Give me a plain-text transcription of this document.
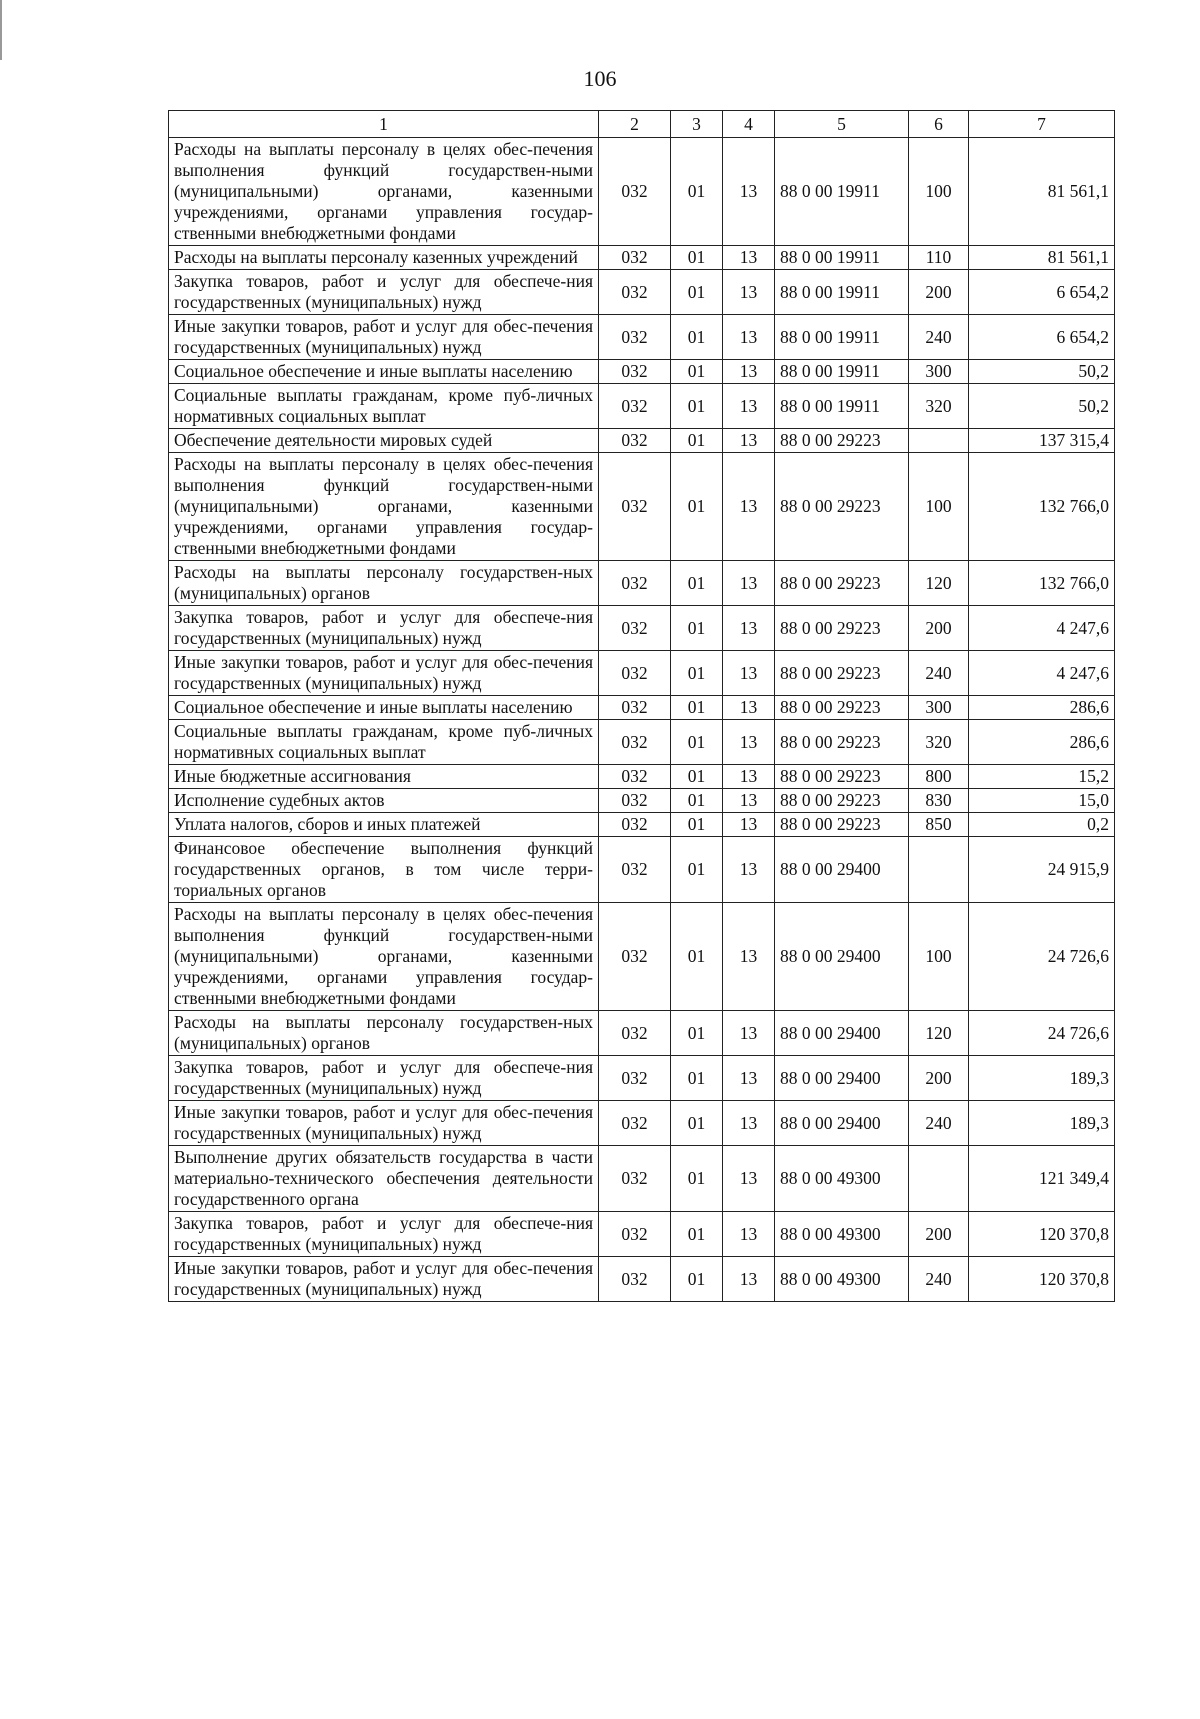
106
1	2	3	4	5	6	7
Расходы на выплаты персоналу в целях обес-печения выполнения функций государствен-ными (муниципальными) органами, казенными учреждениями, органами управления государ-ственными внебюджетными фондами	032	01	13	88 0 00 19911	100	81 561,1
Расходы на выплаты персоналу казенных учреждений	032	01	13	88 0 00 19911	110	81 561,1
Закупка товаров, работ и услуг для обеспече-ния государственных (муниципальных) нужд	032	01	13	88 0 00 19911	200	6 654,2
Иные закупки товаров, работ и услуг для обес-печения государственных (муниципальных) нужд	032	01	13	88 0 00 19911	240	6 654,2
Социальное обеспечение и иные выплаты населению	032	01	13	88 0 00 19911	300	50,2
Социальные выплаты гражданам, кроме пуб-личных нормативных социальных выплат	032	01	13	88 0 00 19911	320	50,2
Обеспечение деятельности мировых судей	032	01	13	88 0 00 29223		137 315,4
Расходы на выплаты персоналу в целях обес-печения выполнения функций государствен-ными (муниципальными) органами, казенными учреждениями, органами управления государ-ственными внебюджетными фондами	032	01	13	88 0 00 29223	100	132 766,0
Расходы на выплаты персоналу государствен-ных (муниципальных) органов	032	01	13	88 0 00 29223	120	132 766,0
Закупка товаров, работ и услуг для обеспече-ния государственных (муниципальных) нужд	032	01	13	88 0 00 29223	200	4 247,6
Иные закупки товаров, работ и услуг для обес-печения государственных (муниципальных) нужд	032	01	13	88 0 00 29223	240	4 247,6
Социальное обеспечение и иные выплаты населению	032	01	13	88 0 00 29223	300	286,6
Социальные выплаты гражданам, кроме пуб-личных нормативных социальных выплат	032	01	13	88 0 00 29223	320	286,6
Иные бюджетные ассигнования	032	01	13	88 0 00 29223	800	15,2
Исполнение судебных актов	032	01	13	88 0 00 29223	830	15,0
Уплата налогов, сборов и иных платежей	032	01	13	88 0 00 29223	850	0,2
Финансовое обеспечение выполнения функций государственных органов, в том числе терри-ториальных органов	032	01	13	88 0 00 29400		24 915,9
Расходы на выплаты персоналу в целях обес-печения выполнения функций государствен-ными (муниципальными) органами, казенными учреждениями, органами управления государ-ственными внебюджетными фондами	032	01	13	88 0 00 29400	100	24 726,6
Расходы на выплаты персоналу государствен-ных (муниципальных) органов	032	01	13	88 0 00 29400	120	24 726,6
Закупка товаров, работ и услуг для обеспече-ния государственных (муниципальных) нужд	032	01	13	88 0 00 29400	200	189,3
Иные закупки товаров, работ и услуг для обес-печения государственных (муниципальных) нужд	032	01	13	88 0 00 29400	240	189,3
Выполнение других обязательств государства в части материально-технического обеспечения деятельности государственного органа	032	01	13	88 0 00 49300		121 349,4
Закупка товаров, работ и услуг для обеспече-ния государственных (муниципальных) нужд	032	01	13	88 0 00 49300	200	120 370,8
Иные закупки товаров, работ и услуг для обес-печения государственных (муниципальных) нужд	032	01	13	88 0 00 49300	240	120 370,8
